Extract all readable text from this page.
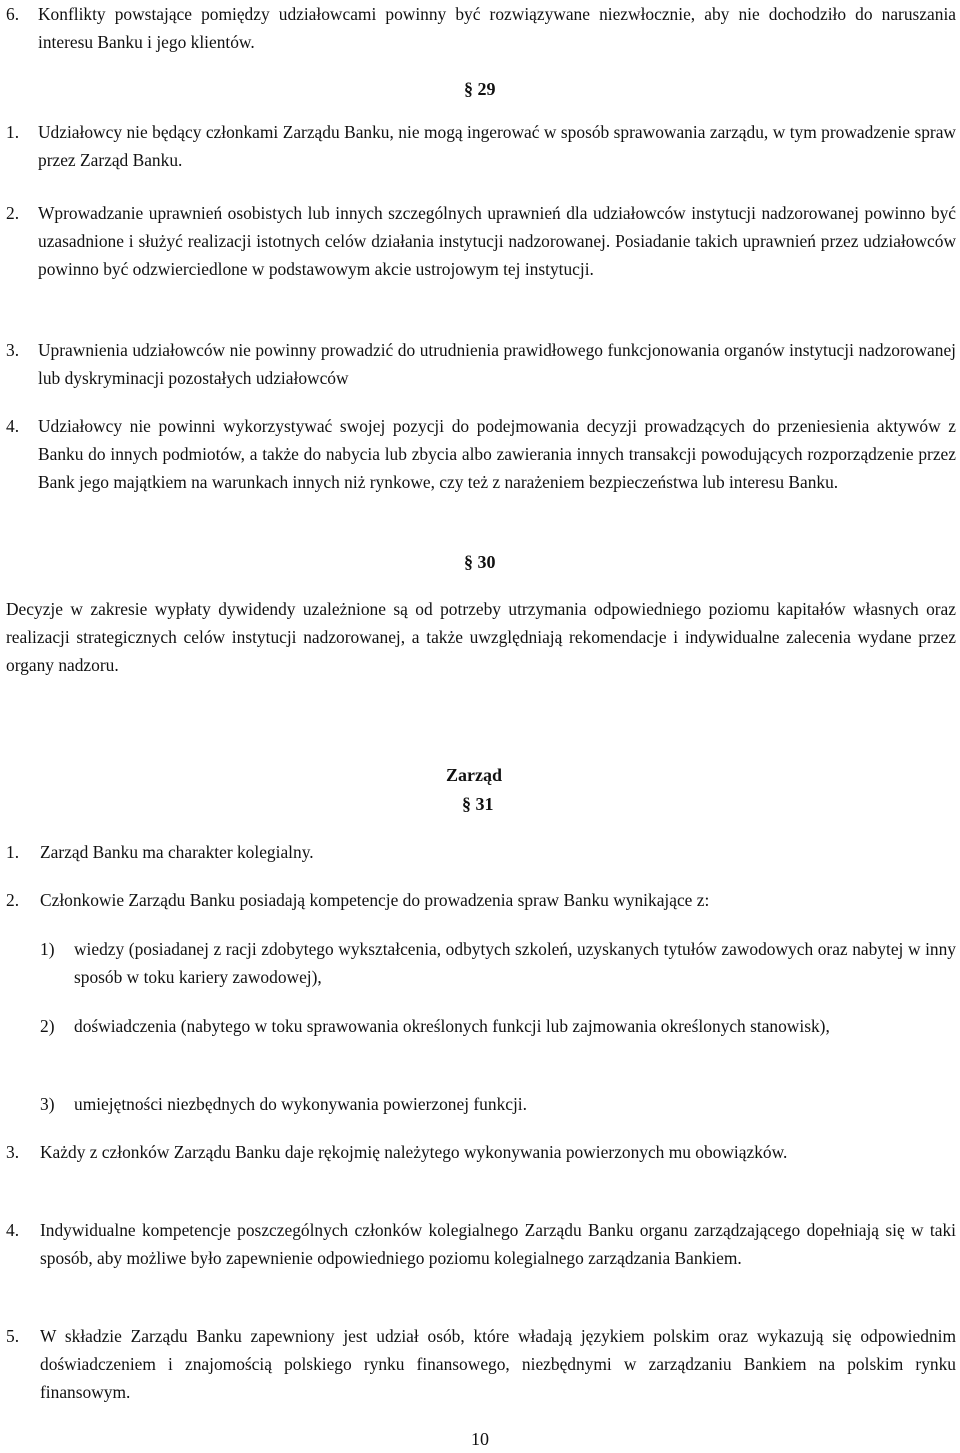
6.	Konflikty powstające pomiędzy udziałowcami powinny być rozwiązywane niezwłocznie, aby nie dochodziło do naruszania interesu Banku i jego klientów.
§ 29
1.	Udziałowcy nie będący członkami Zarządu Banku, nie mogą ingerować w sposób sprawowania zarządu, w tym prowadzenie spraw przez Zarząd Banku.
2.	Wprowadzanie uprawnień osobistych lub innych szczególnych uprawnień dla udziałowców instytucji nadzorowanej powinno być uzasadnione i służyć realizacji istotnych celów działania instytucji nadzorowanej. Posiadanie takich uprawnień przez udziałowców powinno być odzwierciedlone w podstawowym akcie ustrojowym tej instytucji.
3.	Uprawnienia udziałowców nie powinny prowadzić do utrudnienia prawidłowego funkcjonowania organów instytucji nadzorowanej lub dyskryminacji pozostałych udziałowców
4.	Udziałowcy nie powinni wykorzystywać swojej pozycji do podejmowania decyzji prowadzących do przeniesienia aktywów z Banku do innych podmiotów, a także do nabycia lub zbycia albo zawierania innych transakcji powodujących rozporządzenie przez Bank jego majątkiem na warunkach innych niż rynkowe, czy też z narażeniem bezpieczeństwa lub interesu Banku.
§ 30
Decyzje w zakresie wypłaty dywidendy uzależnione są od potrzeby utrzymania odpowiedniego poziomu kapitałów własnych oraz realizacji strategicznych celów instytucji nadzorowanej, a także uwzględniają rekomendacje i indywidualne zalecenia wydane przez organy nadzoru.
Zarząd
§ 31
1.	Zarząd Banku ma charakter kolegialny.
2.	Członkowie Zarządu Banku posiadają kompetencje do prowadzenia spraw Banku wynikające z:
1)	wiedzy (posiadanej z racji zdobytego wykształcenia, odbytych szkoleń, uzyskanych tytułów zawodowych oraz nabytej w inny sposób w toku kariery zawodowej),
2)	doświadczenia (nabytego w toku sprawowania określonych funkcji lub zajmowania określonych stanowisk),
3)	umiejętności niezbędnych do wykonywania powierzonej funkcji.
3.	Każdy z członków Zarządu Banku daje rękojmię należytego wykonywania powierzonych mu obowiązków.
4.	Indywidualne kompetencje poszczególnych członków kolegialnego Zarządu Banku organu zarządzającego dopełniają się w taki sposób, aby możliwe było zapewnienie odpowiedniego poziomu kolegialnego zarządzania Bankiem.
5.	W składzie Zarządu Banku zapewniony jest udział osób, które władają językiem polskim oraz wykazują się odpowiednim doświadczeniem i znajomością polskiego rynku finansowego, niezbędnymi w zarządzaniu Bankiem na polskim rynku finansowym.
10
